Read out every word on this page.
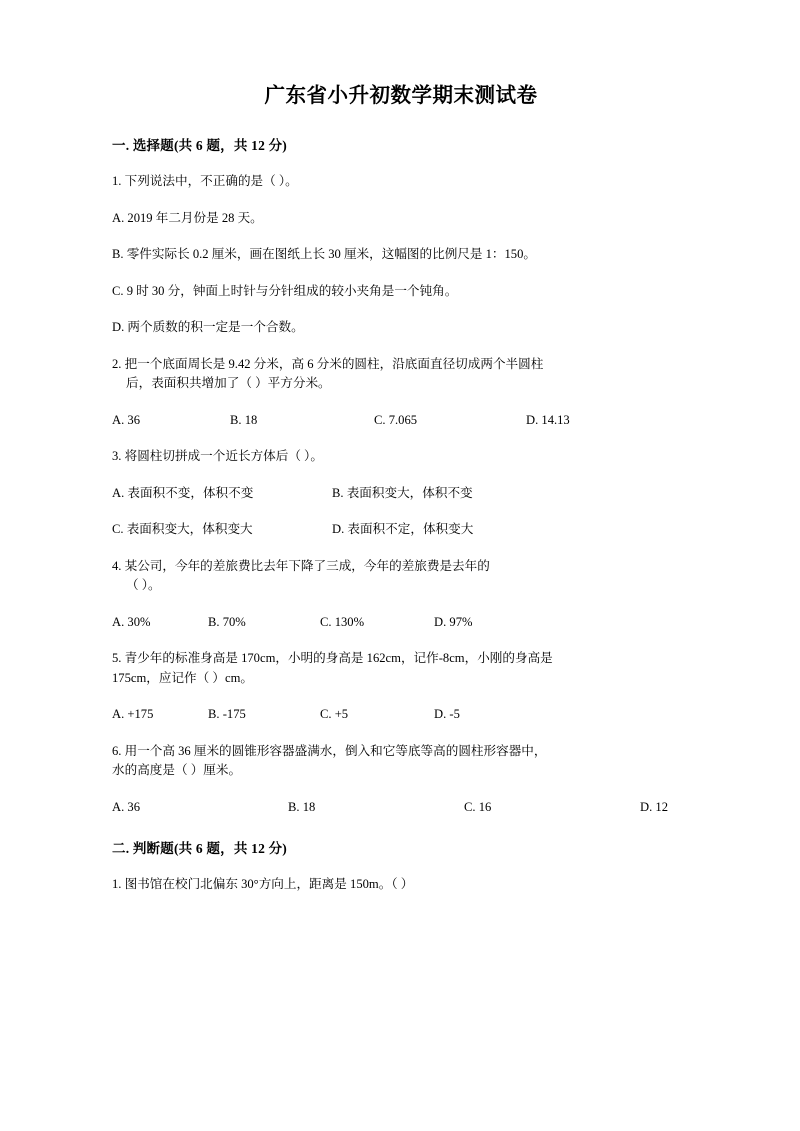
广东省小升初数学期末测试卷
一. 选择题(共 6 题，共 12 分)
1. 下列说法中，不正确的是（ ）。
A. 2019 年二月份是 28 天。
B. 零件实际长 0.2 厘米，画在图纸上长 30 厘米，这幅图的比例尺是 1：150。
C. 9 时 30 分，钟面上时针与分针组成的较小夹角是一个钝角。
D. 两个质数的积一定是一个合数。
2. 把一个底面周长是 9.42 分米，高 6 分米的圆柱，沿底面直径切成两个半圆柱
后，表面积共增加了（ ）平方分米。
A. 36	B. 18	C. 7.065	D. 14.13
3. 将圆柱切拼成一个近长方体后（ ）。
A. 表面积不变，体积不变	B. 表面积变大，体积不变
C. 表面积变大，体积变大	D. 表面积不定，体积变大
4. 某公司，今年的差旅费比去年下降了三成，今年的差旅费是去年的
（ ）。
A. 30%	B. 70%	C. 130%	D. 97%
5. 青少年的标准身高是 170cm，小明的身高是 162cm，记作-8cm，小刚的身高是
175cm，应记作（ ）cm。
A. +175	B. -175	C. +5	D. -5
6. 用一个高 36 厘米的圆锥形容器盛满水，倒入和它等底等高的圆柱形容器中，
水的高度是（ ）厘米。
A. 36	B. 18	C. 16	D. 12
二. 判断题(共 6 题，共 12 分)
1. 图书馆在校门北偏东 30°方向上，距离是 150m。（ ）
